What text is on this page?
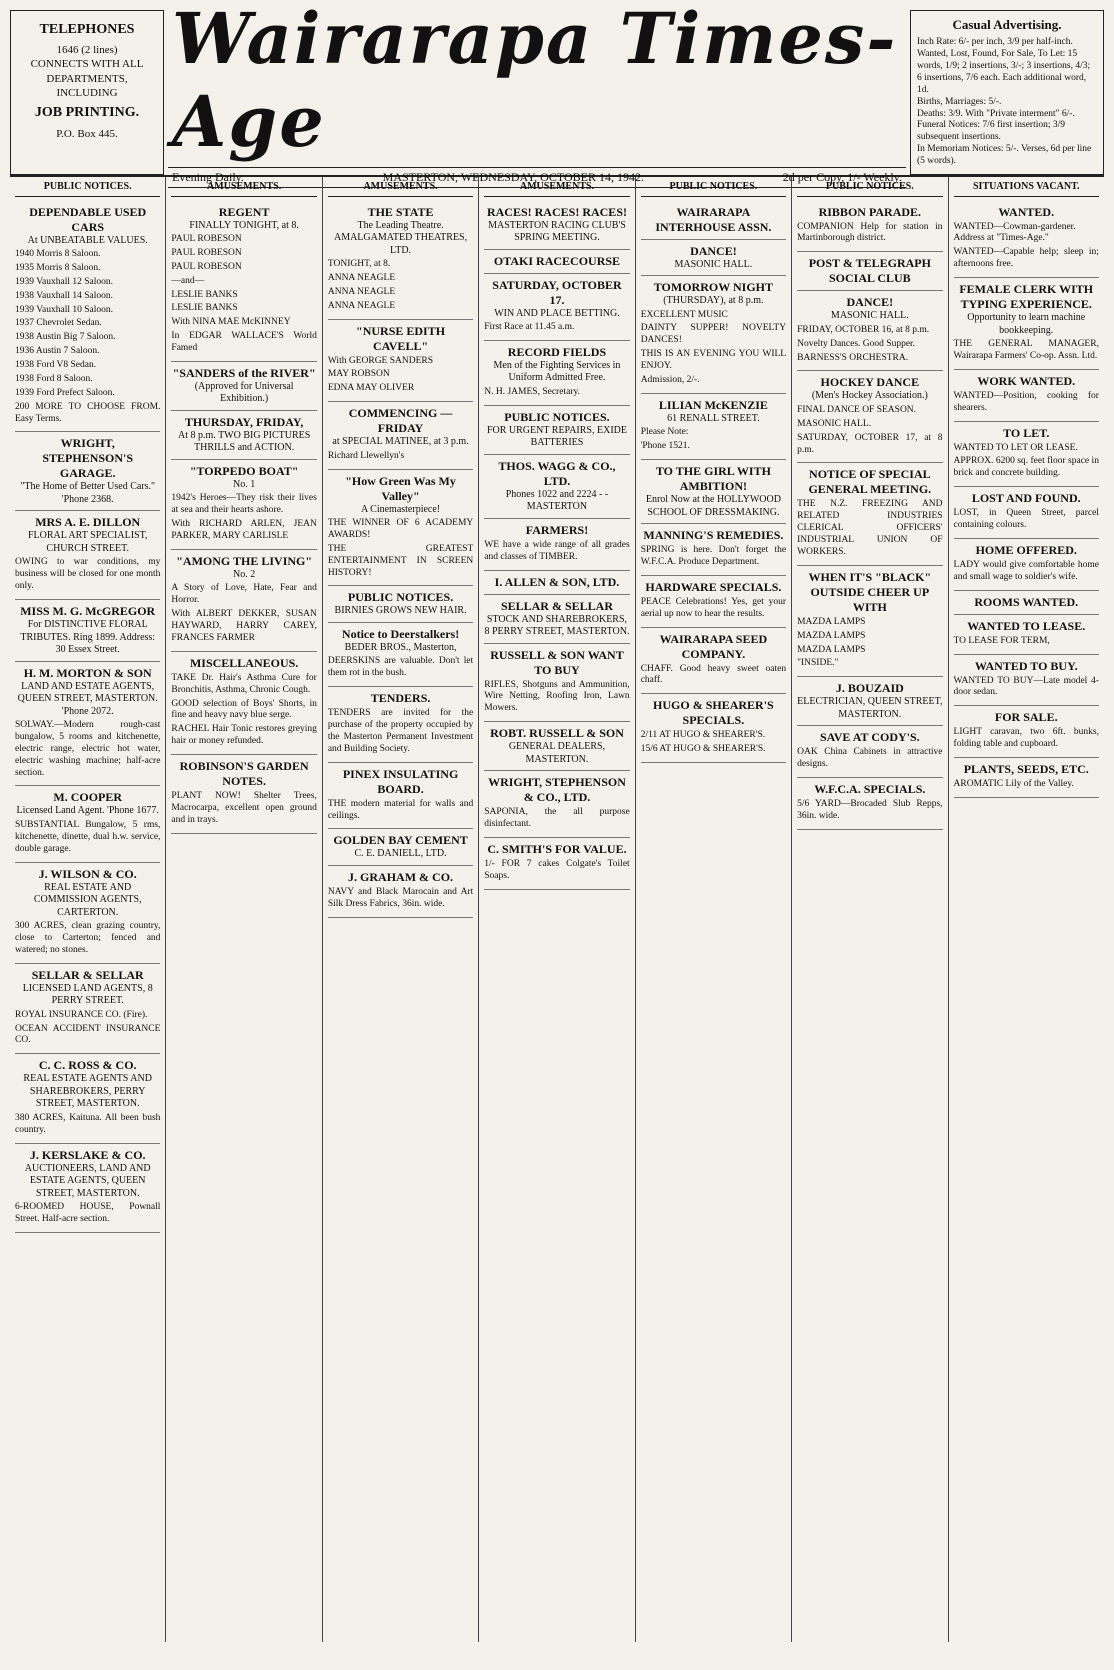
TELEPHONES
1646 (2 lines)
CONNECTS WITH ALL DEPARTMENTS, INCLUDING
JOB PRINTING.
P.O. Box 445.
Wairarapa Times-Age
Evening Daily.	MASTERTON, WEDNESDAY, OCTOBER 14, 1942.	2d per Copy, 1/- Weekly.
Casual Advertising.
Inch Rate: 6/- per inch, 3/9 per half-inch.
Wanted, Lost, Found, For Sale, To Let: 15 words, 1/9; 2 insertions, 3/-; 3 insertions, 4/3; 6 insertions, 7/6 each. Each additional word, 1d.
Births, Marriages: 5/-.
Deaths: 3/9. With "Private interment" 6/-.
Funeral Notices: 7/6 first insertion; 3/9 subsequent insertions.
In Memoriam Notices: 5/-. Verses, 6d per line (5 words).
PUBLIC NOTICES.
DEPENDABLE USED CARS
At UNBEATABLE VALUES.

1940 Morris 8 Saloon.

1935 Morris 8 Saloon.

1939 Vauxhall 12 Saloon.

1938 Vauxhall 14 Saloon.

1939 Vauxhall 10 Saloon.

1937 Chevrolet Sedan.

1938 Austin Big 7 Saloon.

1936 Austin 7 Saloon.

1938 Ford V8 Sedan.

1938 Ford 8 Saloon.

1939 Ford Prefect Saloon.

200 MORE TO CHOOSE FROM. Easy Terms.

WRIGHT, STEPHENSON'S GARAGE.
"The Home of Better Used Cars." 'Phone 2368.
MRS A. E. DILLON
FLORAL ART SPECIALIST, CHURCH STREET.

OWING to war conditions, my business will be closed for one month only.

MISS M. G. McGREGOR
For DISTINCTIVE FLORAL TRIBUTES. Ring 1899. Address: 30 Essex Street.
H. M. MORTON & SON
LAND AND ESTATE AGENTS, QUEEN STREET, MASTERTON. 'Phone 2072.

SOLWAY.—Modern rough-cast bungalow, 5 rooms and kitchenette, electric range, electric hot water, electric washing machine; half-acre section.

M. COOPER
Licensed Land Agent. 'Phone 1677.

SUBSTANTIAL Bungalow, 5 rms, kitchenette, dinette, dual h.w. service, double garage.

J. WILSON & CO.
REAL ESTATE AND COMMISSION AGENTS, CARTERTON.

300 ACRES, clean grazing country, close to Carterton; fenced and watered; no stones.

SELLAR & SELLAR
LICENSED LAND AGENTS, 8 PERRY STREET.

ROYAL INSURANCE CO. (Fire).

OCEAN ACCIDENT INSURANCE CO.

C. C. ROSS & CO.
REAL ESTATE AGENTS AND SHAREBROKERS, PERRY STREET, MASTERTON.

380 ACRES, Kaituna. All been bush country.

J. KERSLAKE & CO.
AUCTIONEERS, LAND AND ESTATE AGENTS, QUEEN STREET, MASTERTON.

6-ROOMED HOUSE, Pownall Street. Half-acre section.

AMUSEMENTS.
REGENT
FINALLY TONIGHT, at 8.

PAUL ROBESON

PAUL ROBESON

PAUL ROBESON

—and—

LESLIE BANKS

LESLIE BANKS

With NINA MAE McKINNEY

In EDGAR WALLACE'S World Famed

"SANDERS of the RIVER"
(Approved for Universal Exhibition.)
THURSDAY, FRIDAY,
At 8 p.m. TWO BIG PICTURES THRILLS and ACTION.
"TORPEDO BOAT"
No. 1

1942's Heroes—They risk their lives at sea and their hearts ashore.

With RICHARD ARLEN, JEAN PARKER, MARY CARLISLE

"AMONG THE LIVING"
No. 2

A Story of Love, Hate, Fear and Horror.

With ALBERT DEKKER, SUSAN HAYWARD, HARRY CAREY, FRANCES FARMER

MISCELLANEOUS.

TAKE Dr. Hair's Asthma Cure for Bronchitis, Asthma, Chronic Cough.

GOOD selection of Boys' Shorts, in fine and heavy navy blue serge.

RACHEL Hair Tonic restores greying hair or money refunded.

ROBINSON'S GARDEN NOTES.

PLANT NOW! Shelter Trees, Macrocarpa, excellent open ground and in trays.

AMUSEMENTS.
THE STATE
The Leading Theatre. AMALGAMATED THEATRES, LTD.

TONIGHT, at 8.

ANNA NEAGLE

ANNA NEAGLE

ANNA NEAGLE

"NURSE EDITH CAVELL"

With GEORGE SANDERS

MAY ROBSON

EDNA MAY OLIVER

COMMENCING — FRIDAY
at SPECIAL MATINEE, at 3 p.m.

Richard Llewellyn's

"How Green Was My Valley"
A Cinemasterpiece!

THE WINNER OF 6 ACADEMY AWARDS!

THE GREATEST ENTERTAINMENT IN SCREEN HISTORY!

PUBLIC NOTICES.
BIRNIES GROWS NEW HAIR.
Notice to Deerstalkers!
BEDER BROS., Masterton,

DEERSKINS are valuable. Don't let them rot in the bush.

TENDERS.

TENDERS are invited for the purchase of the property occupied by the Masterton Permanent Investment and Building Society.

PINEX INSULATING BOARD.

THE modern material for walls and ceilings.

GOLDEN BAY CEMENT
C. E. DANIELL, LTD.
J. GRAHAM & CO.

NAVY and Black Marocain and Art Silk Dress Fabrics, 36in. wide.

AMUSEMENTS.
RACES! RACES! RACES!
MASTERTON RACING CLUB'S SPRING MEETING.
OTAKI RACECOURSE
SATURDAY, OCTOBER 17.
WIN AND PLACE BETTING.

First Race at 11.45 a.m.

RECORD FIELDS
Men of the Fighting Services in Uniform Admitted Free.

N. H. JAMES, Secretary.

PUBLIC NOTICES.
FOR URGENT REPAIRS, EXIDE BATTERIES
THOS. WAGG & CO., LTD.
Phones 1022 and 2224 - - MASTERTON
FARMERS!

WE have a wide range of all grades and classes of TIMBER.

I. ALLEN & SON, LTD.
SELLAR & SELLAR
STOCK AND SHAREBROKERS, 8 PERRY STREET, MASTERTON.
RUSSELL & SON WANT TO BUY

RIFLES, Shotguns and Ammunition, Wire Netting, Roofing Iron, Lawn Mowers.

ROBT. RUSSELL & SON
GENERAL DEALERS, MASTERTON.
WRIGHT, STEPHENSON & CO., LTD.

SAPONIA, the all purpose disinfectant.

C. SMITH'S FOR VALUE.

1/- FOR 7 cakes Colgate's Toilet Soaps.

PUBLIC NOTICES.
WAIRARAPA INTERHOUSE ASSN.
DANCE!
MASONIC HALL.
TOMORROW NIGHT
(THURSDAY), at 8 p.m.

EXCELLENT MUSIC

DAINTY SUPPER! NOVELTY DANCES!

THIS IS AN EVENING YOU WILL ENJOY.

Admission, 2/-.

LILIAN McKENZIE
61 RENALL STREET.

Please Note:

'Phone 1521.

TO THE GIRL WITH AMBITION!
Enrol Now at the HOLLYWOOD SCHOOL OF DRESSMAKING.
MANNING'S REMEDIES.

SPRING is here. Don't forget the W.F.C.A. Produce Department.

HARDWARE SPECIALS.

PEACE Celebrations! Yes, get your aerial up now to hear the results.

WAIRARAPA SEED COMPANY.

CHAFF. Good heavy sweet oaten chaff.

HUGO & SHEARER'S SPECIALS.

2/11 AT HUGO & SHEARER'S.

15/6 AT HUGO & SHEARER'S.

PUBLIC NOTICES.
RIBBON PARADE.

COMPANION Help for station in Martinborough district.

POST & TELEGRAPH SOCIAL CLUB
DANCE!
MASONIC HALL.

FRIDAY, OCTOBER 16, at 8 p.m.

Novelty Dances. Good Supper.

BARNESS'S ORCHESTRA.

HOCKEY DANCE
(Men's Hockey Association.)

FINAL DANCE OF SEASON.

MASONIC HALL.

SATURDAY, OCTOBER 17, at 8 p.m.

NOTICE OF SPECIAL GENERAL MEETING.

THE N.Z. FREEZING AND RELATED INDUSTRIES CLERICAL OFFICERS' INDUSTRIAL UNION OF WORKERS.

WHEN IT'S "BLACK" OUTSIDE CHEER UP WITH

MAZDA LAMPS

MAZDA LAMPS

MAZDA LAMPS

"INSIDE."

J. BOUZAID
ELECTRICIAN, QUEEN STREET, MASTERTON.
SAVE AT CODY'S.

OAK China Cabinets in attractive designs.

W.F.C.A. SPECIALS.

5/6 YARD—Brocaded Slub Repps, 36in. wide.

SITUATIONS VACANT.
WANTED.

WANTED—Cowman-gardener. Address at "Times-Age."

WANTED—Capable help; sleep in; afternoons free.

FEMALE CLERK WITH TYPING EXPERIENCE.
Opportunity to learn machine bookkeeping.

THE GENERAL MANAGER, Wairarapa Farmers' Co-op. Assn. Ltd.

WORK WANTED.

WANTED—Position, cooking for shearers.

TO LET.

WANTED TO LET OR LEASE.

APPROX. 6200 sq. feet floor space in brick and concrete building.

LOST AND FOUND.

LOST, in Queen Street, parcel containing colours.

HOME OFFERED.

LADY would give comfortable home and small wage to soldier's wife.

ROOMS WANTED.
WANTED TO LEASE.

TO LEASE FOR TERM,

WANTED TO BUY.

WANTED TO BUY—Late model 4-door sedan.

FOR SALE.

LIGHT caravan, two 6ft. bunks, folding table and cupboard.

PLANTS, SEEDS, ETC.

AROMATIC Lily of the Valley.
